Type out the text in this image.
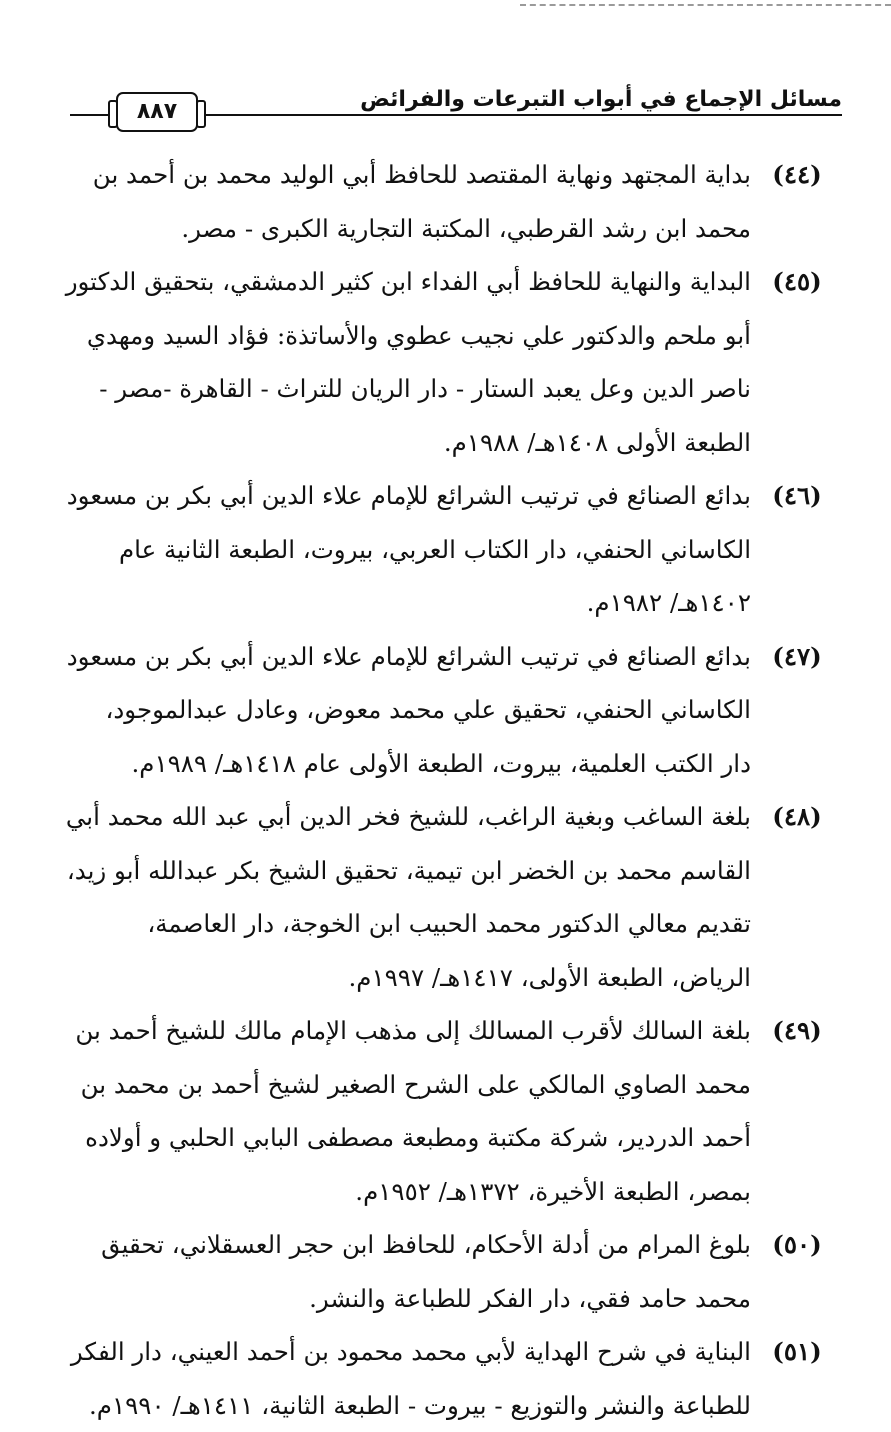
مسائل الإجماع في أبواب التبرعات والفرائض
٨٨٧
(٤٤)
بداية المجتهد ونهاية المقتصد للحافظ أبي الوليد محمد بن أحمد بن
محمد ابن رشد القرطبي، المكتبة التجارية الكبرى - مصر.
(٤٥)
البداية والنهاية للحافظ أبي الفداء ابن كثير الدمشقي، بتحقيق الدكتور
أبو ملحم والدكتور علي نجيب عطوي والأساتذة: فؤاد السيد ومهدي
ناصر الدين وعل يعبد الستار - دار الريان للتراث - القاهرة -مصر -
الطبعة الأولى ١٤٠٨هـ/ ١٩٨٨م.
(٤٦)
بدائع الصنائع في ترتيب الشرائع للإمام علاء الدين أبي بكر بن مسعود
الكاساني الحنفي، دار الكتاب العربي، بيروت، الطبعة الثانية عام
١٤٠٢هـ/ ١٩٨٢م.
(٤٧)
بدائع الصنائع في ترتيب الشرائع للإمام علاء الدين أبي بكر بن مسعود
الكاساني الحنفي، تحقيق علي محمد معوض، وعادل عبدالموجود،
دار الكتب العلمية، بيروت، الطبعة الأولى عام ١٤١٨هـ/ ١٩٨٩م.
(٤٨)
بلغة الساغب وبغية الراغب، للشيخ فخر الدين أبي عبد الله محمد أبي
القاسم محمد بن الخضر ابن تيمية، تحقيق الشيخ بكر عبدالله أبو زيد،
تقديم معالي الدكتور محمد الحبيب ابن الخوجة، دار العاصمة،
الرياض، الطبعة الأولى، ١٤١٧هـ/ ١٩٩٧م.
(٤٩)
بلغة السالك لأقرب المسالك إلى مذهب الإمام مالك للشيخ أحمد بن
محمد الصاوي المالكي على الشرح الصغير لشيخ أحمد بن محمد بن
أحمد الدردير، شركة مكتبة ومطبعة مصطفى البابي الحلبي و أولاده
بمصر، الطبعة الأخيرة، ١٣٧٢هـ/ ١٩٥٢م.
(٥٠)
بلوغ المرام من أدلة الأحكام، للحافظ ابن حجر العسقلاني، تحقيق
محمد حامد فقي، دار الفكر للطباعة والنشر.
(٥١)
البناية في شرح الهداية لأبي محمد محمود بن أحمد العيني، دار الفكر
للطباعة والنشر والتوزيع - بيروت - الطبعة الثانية، ١٤١١هـ/ ١٩٩٠م.
